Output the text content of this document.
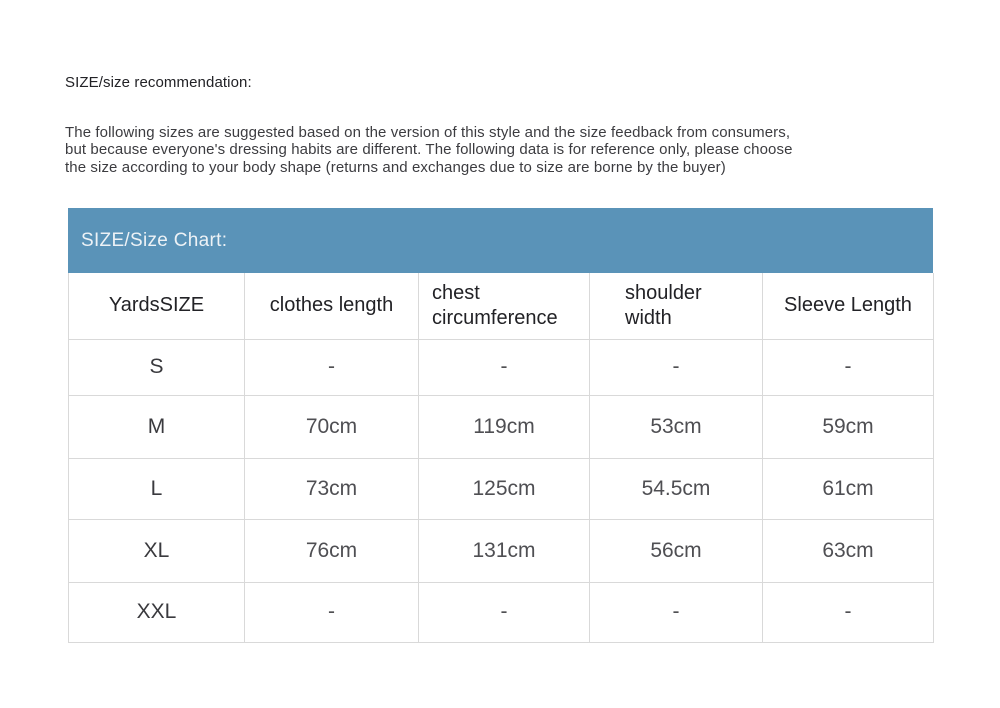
SIZE/size recommendation:
The following sizes are suggested based on the version of this style and the size feedback from consumers,
but because everyone's dressing habits are different. The following data is for reference only, please choose
the size according to your body shape (returns and exchanges due to size are borne by the buyer)
SIZE/Size Chart:
YardsSIZE	clothes length	chest circumference	shoulder width	Sleeve Length
S	-	-	-	-
M	70cm	119cm	53cm	59cm
L	73cm	125cm	54.5cm	61cm
XL	76cm	131cm	56cm	63cm
XXL	-	-	-	-
